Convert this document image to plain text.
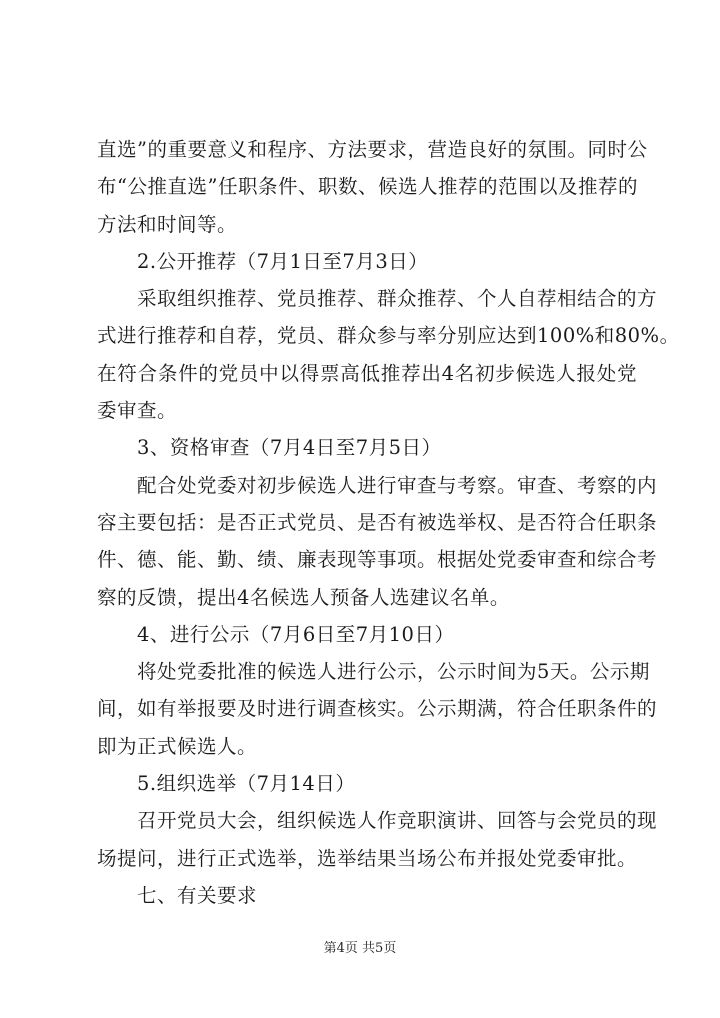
直选”的重要意义和程序、方法要求，营造良好的氛围。同时公
布“公推直选”任职条件、职数、候选人推荐的范围以及推荐的
方法和时间等。
2.公开推荐（7月1日至7月3日）
采取组织推荐、党员推荐、群众推荐、个人自荐相结合的方
式进行推荐和自荐，党员、群众参与率分别应达到100%和80%。
在符合条件的党员中以得票高低推荐出4名初步候选人报处党
委审查。
3、资格审查（7月4日至7月5日）
配合处党委对初步候选人进行审查与考察。审查、考察的内
容主要包括：是否正式党员、是否有被选举权、是否符合任职条
件、德、能、勤、绩、廉表现等事项。根据处党委审查和综合考
察的反馈，提出4名候选人预备人选建议名单。
4、进行公示（7月6日至7月10日）
将处党委批准的候选人进行公示，公示时间为5天。公示期
间，如有举报要及时进行调查核实。公示期满，符合任职条件的
即为正式候选人。
5.组织选举（7月14日）
召开党员大会，组织候选人作竞职演讲、回答与会党员的现
场提问，进行正式选举，选举结果当场公布并报处党委审批。
七、有关要求
第4页 共5页
